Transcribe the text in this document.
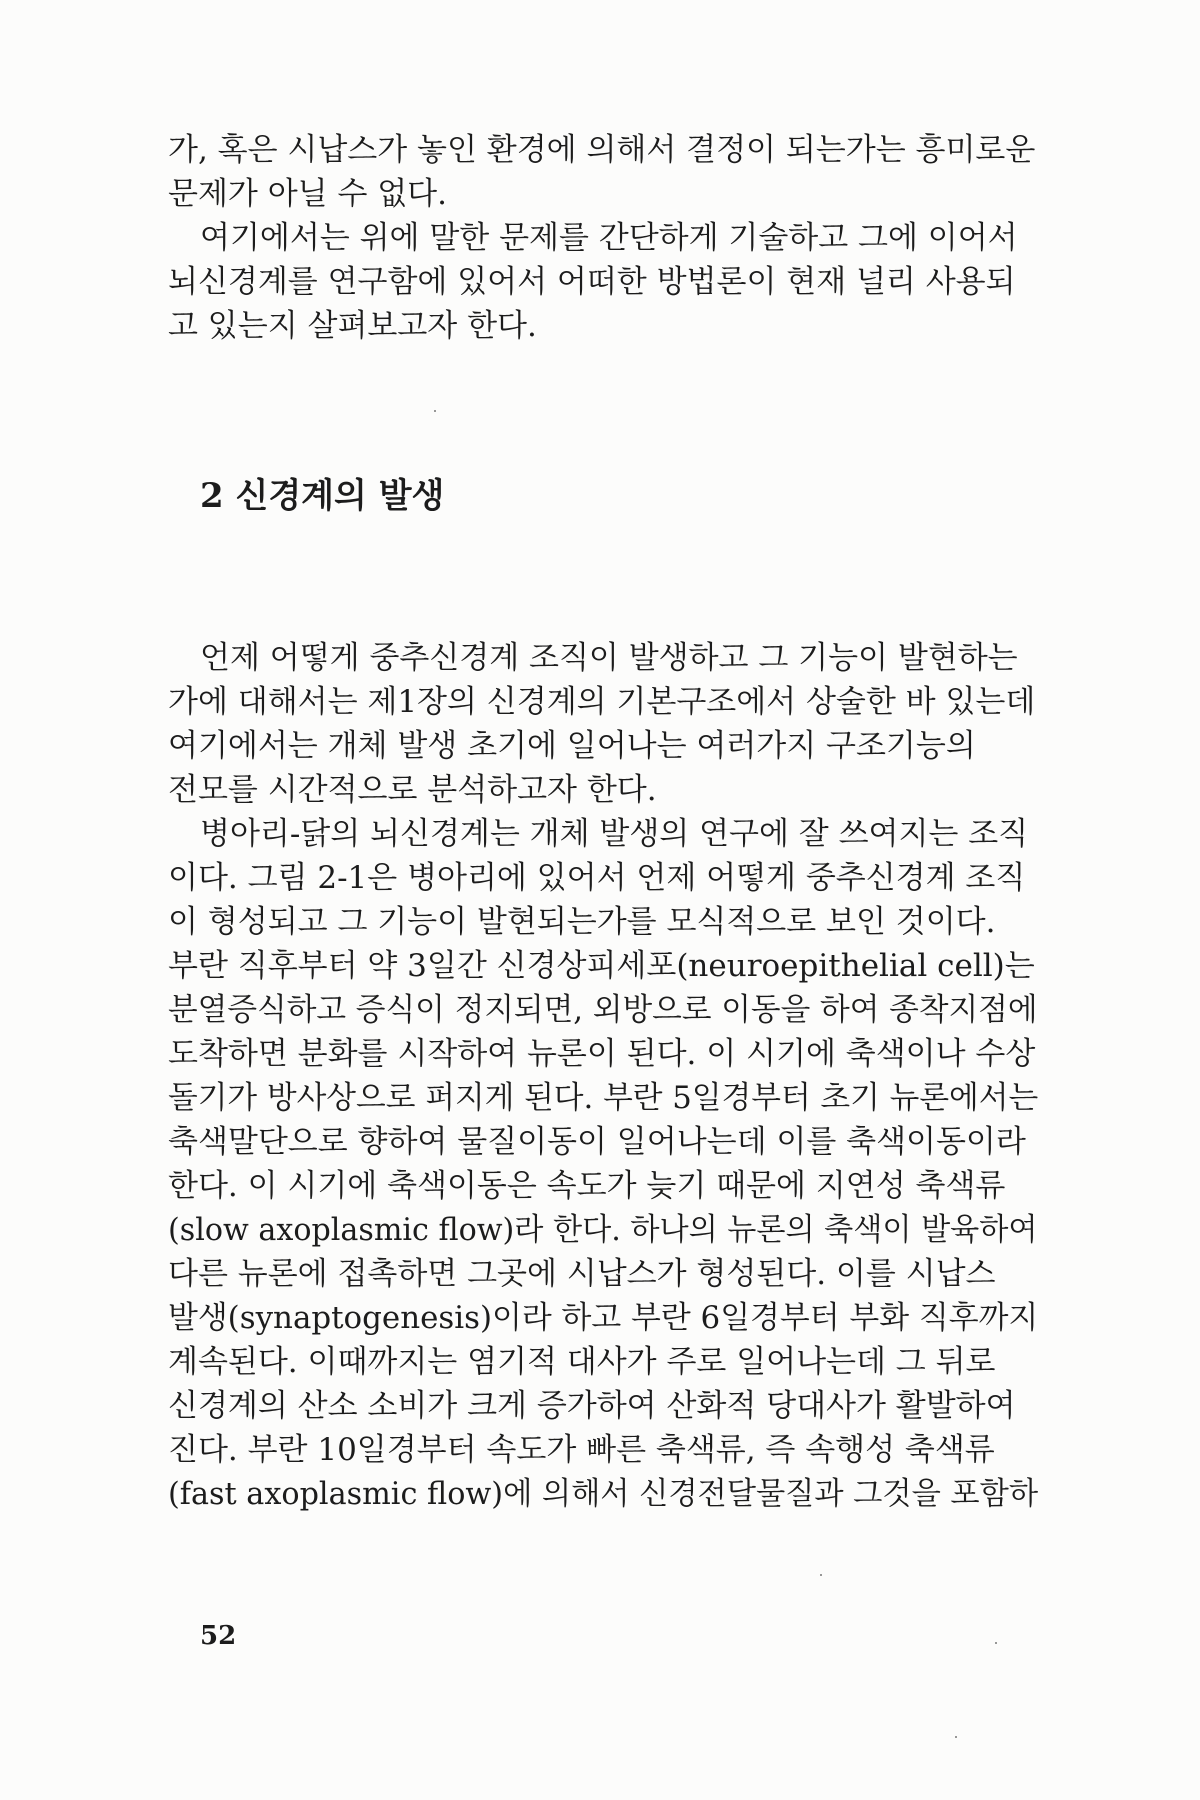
가, 혹은 시납스가 놓인 환경에 의해서 결정이 되는가는 흥미로운
문제가 아닐 수 없다.
여기에서는 위에 말한 문제를 간단하게 기술하고 그에 이어서
뇌신경계를 연구함에 있어서 어떠한 방법론이 현재 널리 사용되
고 있는지 살펴보고자 한다.
2 신경계의 발생
언제 어떻게 중추신경계 조직이 발생하고 그 기능이 발현하는
가에 대해서는 제1장의 신경계의 기본구조에서 상술한 바 있는데
여기에서는 개체 발생 초기에 일어나는 여러가지 구조기능의
전모를 시간적으로 분석하고자 한다.
병아리-닭의 뇌신경계는 개체 발생의 연구에 잘 쓰여지는 조직
이다. 그림 2-1은 병아리에 있어서 언제 어떻게 중추신경계 조직
이 형성되고 그 기능이 발현되는가를 모식적으로 보인 것이다.
부란 직후부터 약 3일간 신경상피세포(neuroepithelial cell)는
분열증식하고 증식이 정지되면, 외방으로 이동을 하여 종착지점에
도착하면 분화를 시작하여 뉴론이 된다. 이 시기에 축색이나 수상
돌기가 방사상으로 퍼지게 된다. 부란 5일경부터 초기 뉴론에서는
축색말단으로 향하여 물질이동이 일어나는데 이를 축색이동이라
한다. 이 시기에 축색이동은 속도가 늦기 때문에 지연성 축색류
(slow axoplasmic flow)라 한다. 하나의 뉴론의 축색이 발육하여
다른 뉴론에 접촉하면 그곳에 시납스가 형성된다. 이를 시납스
발생(synaptogenesis)이라 하고 부란 6일경부터 부화 직후까지
계속된다. 이때까지는 염기적 대사가 주로 일어나는데 그 뒤로
신경계의 산소 소비가 크게 증가하여 산화적 당대사가 활발하여
진다. 부란 10일경부터 속도가 빠른 축색류, 즉 속행성 축색류
(fast axoplasmic flow)에 의해서 신경전달물질과 그것을 포함하
52
